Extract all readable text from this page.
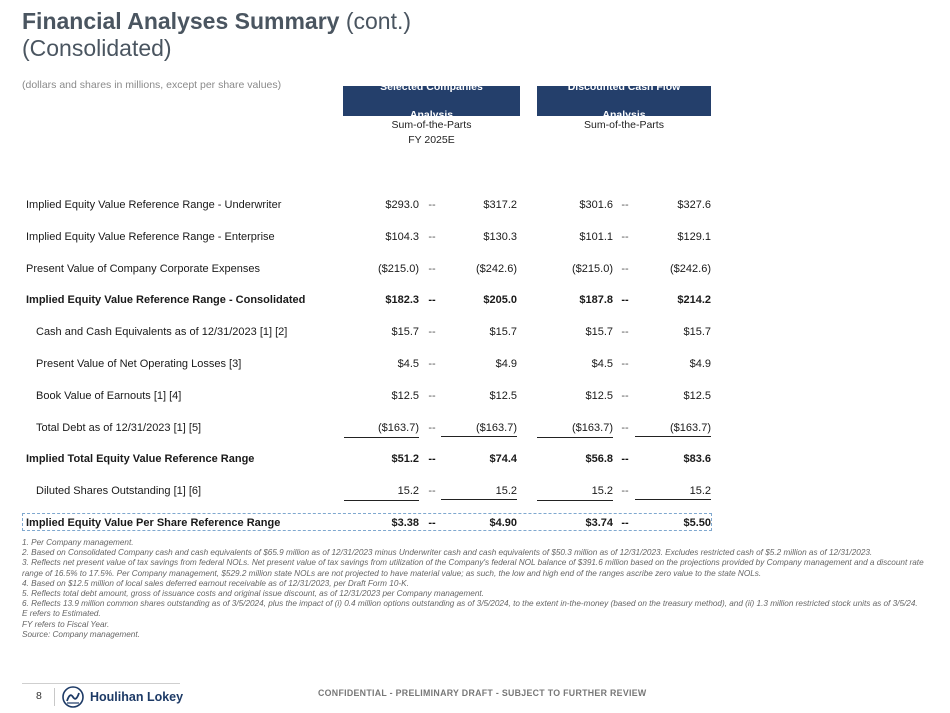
Financial Analyses Summary (cont.)
(Consolidated)
(dollars and shares in millions, except per share values)	Selected Companies

Analysis
Discounted Cash Flow

Analysis
Sum-of-the-Parts
FY 2025E
Sum-of-the-Parts
Implied Equity Value Reference Range - Underwriter	$293.0 --	$317.2	$301.6 --	$327.6
Implied Equity Value Reference Range - Enterprise	$104.3 --	$130.3	$101.1 --	$129.1
Present Value of Company Corporate Expenses	($215.0) --	($242.6)	($215.0) --	($242.6)
Implied Equity Value Reference Range - Consolidated	$182.3 --	$205.0	$187.8 --	$214.2
Cash and Cash Equivalents as of 12/31/2023 [1] [2]	$15.7 --	$15.7	$15.7 --	$15.7
Present Value of Net Operating Losses [3]	$4.5 --	$4.9	$4.5 --	$4.9
Book Value of Earnouts [1] [4]	$12.5 --	$12.5	$12.5 --	$12.5
Total Debt as of 12/31/2023 [1] [5]	($163.7) --	($163.7)	($163.7) --	($163.7)
Implied Total Equity Value Reference Range	$51.2 --	$74.4	$56.8 --	$83.6
Diluted Shares Outstanding [1] [6]	15.2 --	15.2	15.2 --	15.2
Implied Equity Value Per Share Reference Range	$3.38 --	$4.90	$3.74 --	$5.50
1. Per Company management.
2. Based on Consolidated Company cash and cash equivalents of $65.9 million as of 12/31/2023 minus Underwriter cash and cash equivalents of $50.3 million as of 12/31/2023. Excludes restricted cash of $5.2 million as of 12/31/2023.
3. Reflects net present value of tax savings from federal NOLs. Net present value of tax savings from utilization of the Company's federal NOL balance of $391.6 million based on the projections provided by Company management and a discount rate range of 16.5% to 17.5%. Per Company management, $529.2 million state NOLs are not projected to have material value; as such, the low and high end of the ranges ascribe zero value to the state NOLs.
4. Based on $12.5 million of local sales deferred earnout receivable as of 12/31/2023, per Draft Form 10-K.
5. Reflects total debt amount, gross of issuance costs and original issue discount, as of 12/31/2023 per Company management.
6. Reflects 13.9 million common shares outstanding as of 3/5/2024, plus the impact of (i) 0.4 million options outstanding as of 3/5/2024, to the extent in-the-money (based on the treasury method), and (ii) 1.3 million restricted stock units as of 3/5/24.
E refers to Estimated.
FY refers to Fiscal Year.
Source: Company management.
8	Houlihan Lokey	CONFIDENTIAL - PRELIMINARY DRAFT - SUBJECT TO FURTHER REVIEW
